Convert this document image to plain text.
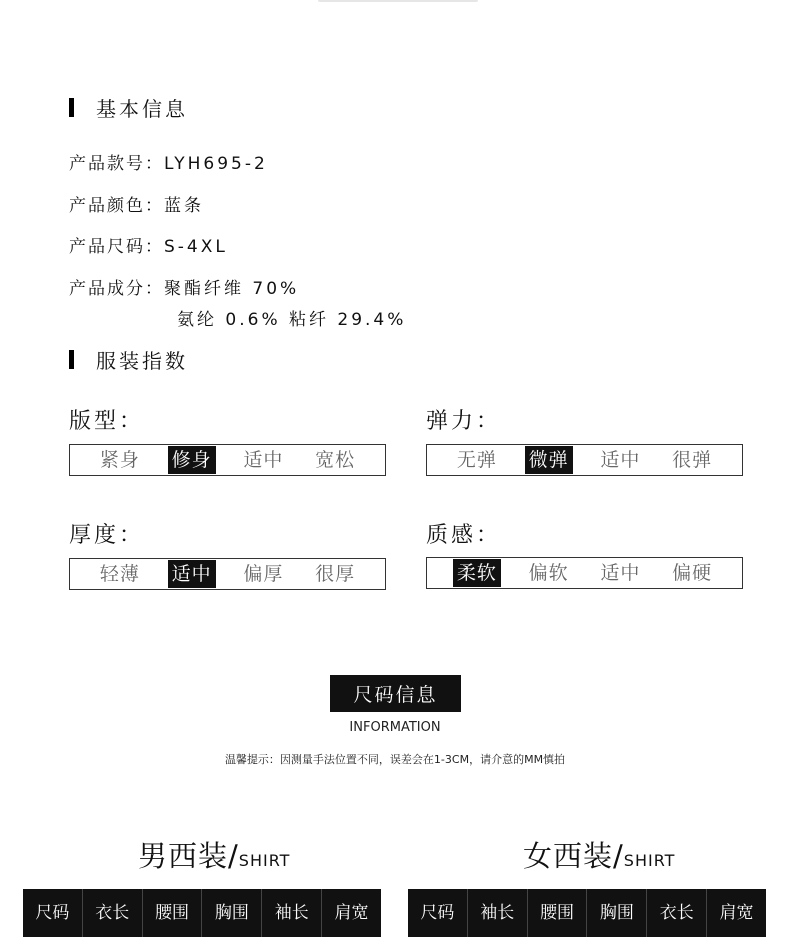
基本信息
产品款号：LYH695-2
产品颜色：蓝条
产品尺码：S-4XL
产品成分：聚酯纤维 70%
氨纶 0.6% 粘纤 29.4%
服装指数
版型：
紧身 修身 适中 宽松
弹力：
无弹 微弹 适中 很弹
厚度：
轻薄 适中 偏厚 很厚
质感：
柔软 偏软 适中 偏硬
尺码信息
INFORMATION
温馨提示：因测量手法位置不同，误差会在1-3CM，请介意的MM慎拍
男西装/SHIRT	女西装/SHIRT
尺码	衣长	腰围	胸围	袖长	肩宽	尺码	袖长	腰围	胸围	衣长	肩宽
